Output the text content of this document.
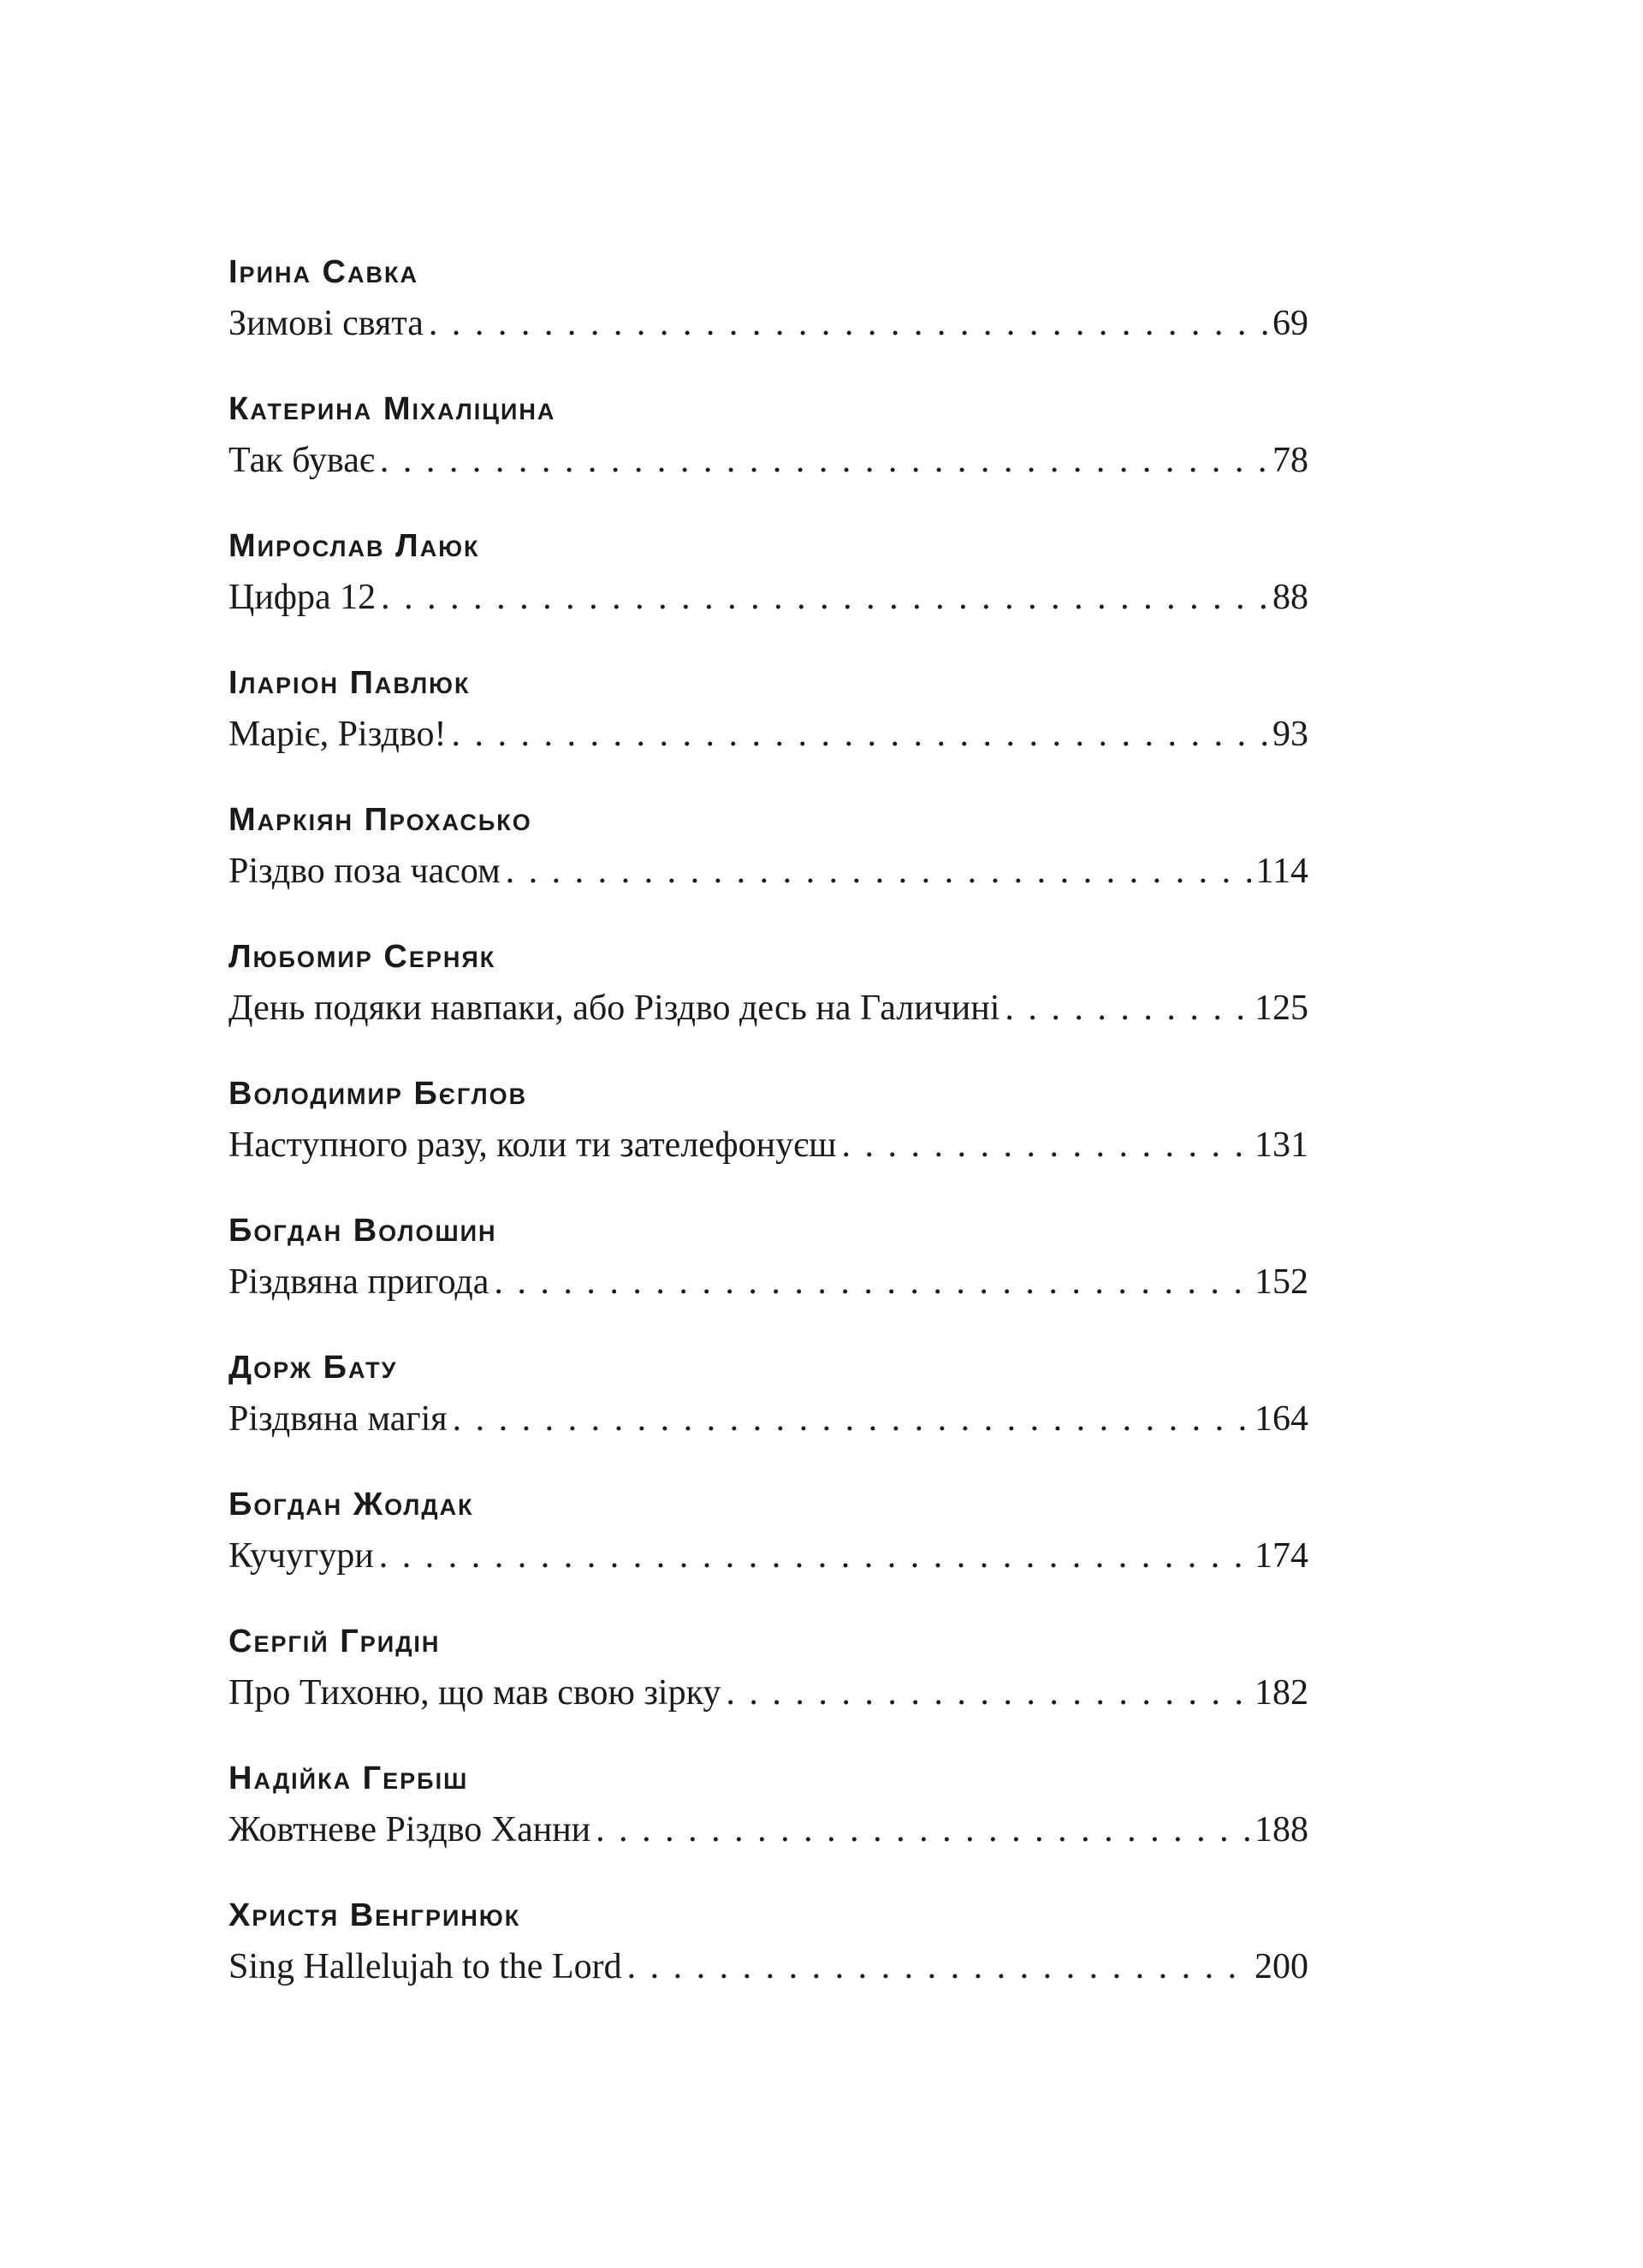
Ірина Савка
Зимові свята . . .	69
Катерина Міхаліцина
Так буває . . .	78
Мирослав Лаюк
Цифра 12 . . .	88
Іларіон Павлюк
Маріє, Різдво! . . .	93
Маркіян Прохасько
Різдво поза часом . . .	114
Любомир Серняк
День подяки навпаки, або Різдво десь на Галичині . . .	125
Володимир Бєглов
Наступного разу, коли ти зателефонуєш . . .	131
Богдан Волошин
Різдвяна пригода . . .	152
Дорж Бату
Різдвяна магія . . .	164
Богдан Жолдак
Кучугури . . .	174
Сергій Гридін
Про Тихоню, що мав свою зірку . . .	182
Надійка Гербіш
Жовтневе Різдво Ханни . . .	188
Христя Венгринюк
Sing Hallelujah to the Lord . . .	200
